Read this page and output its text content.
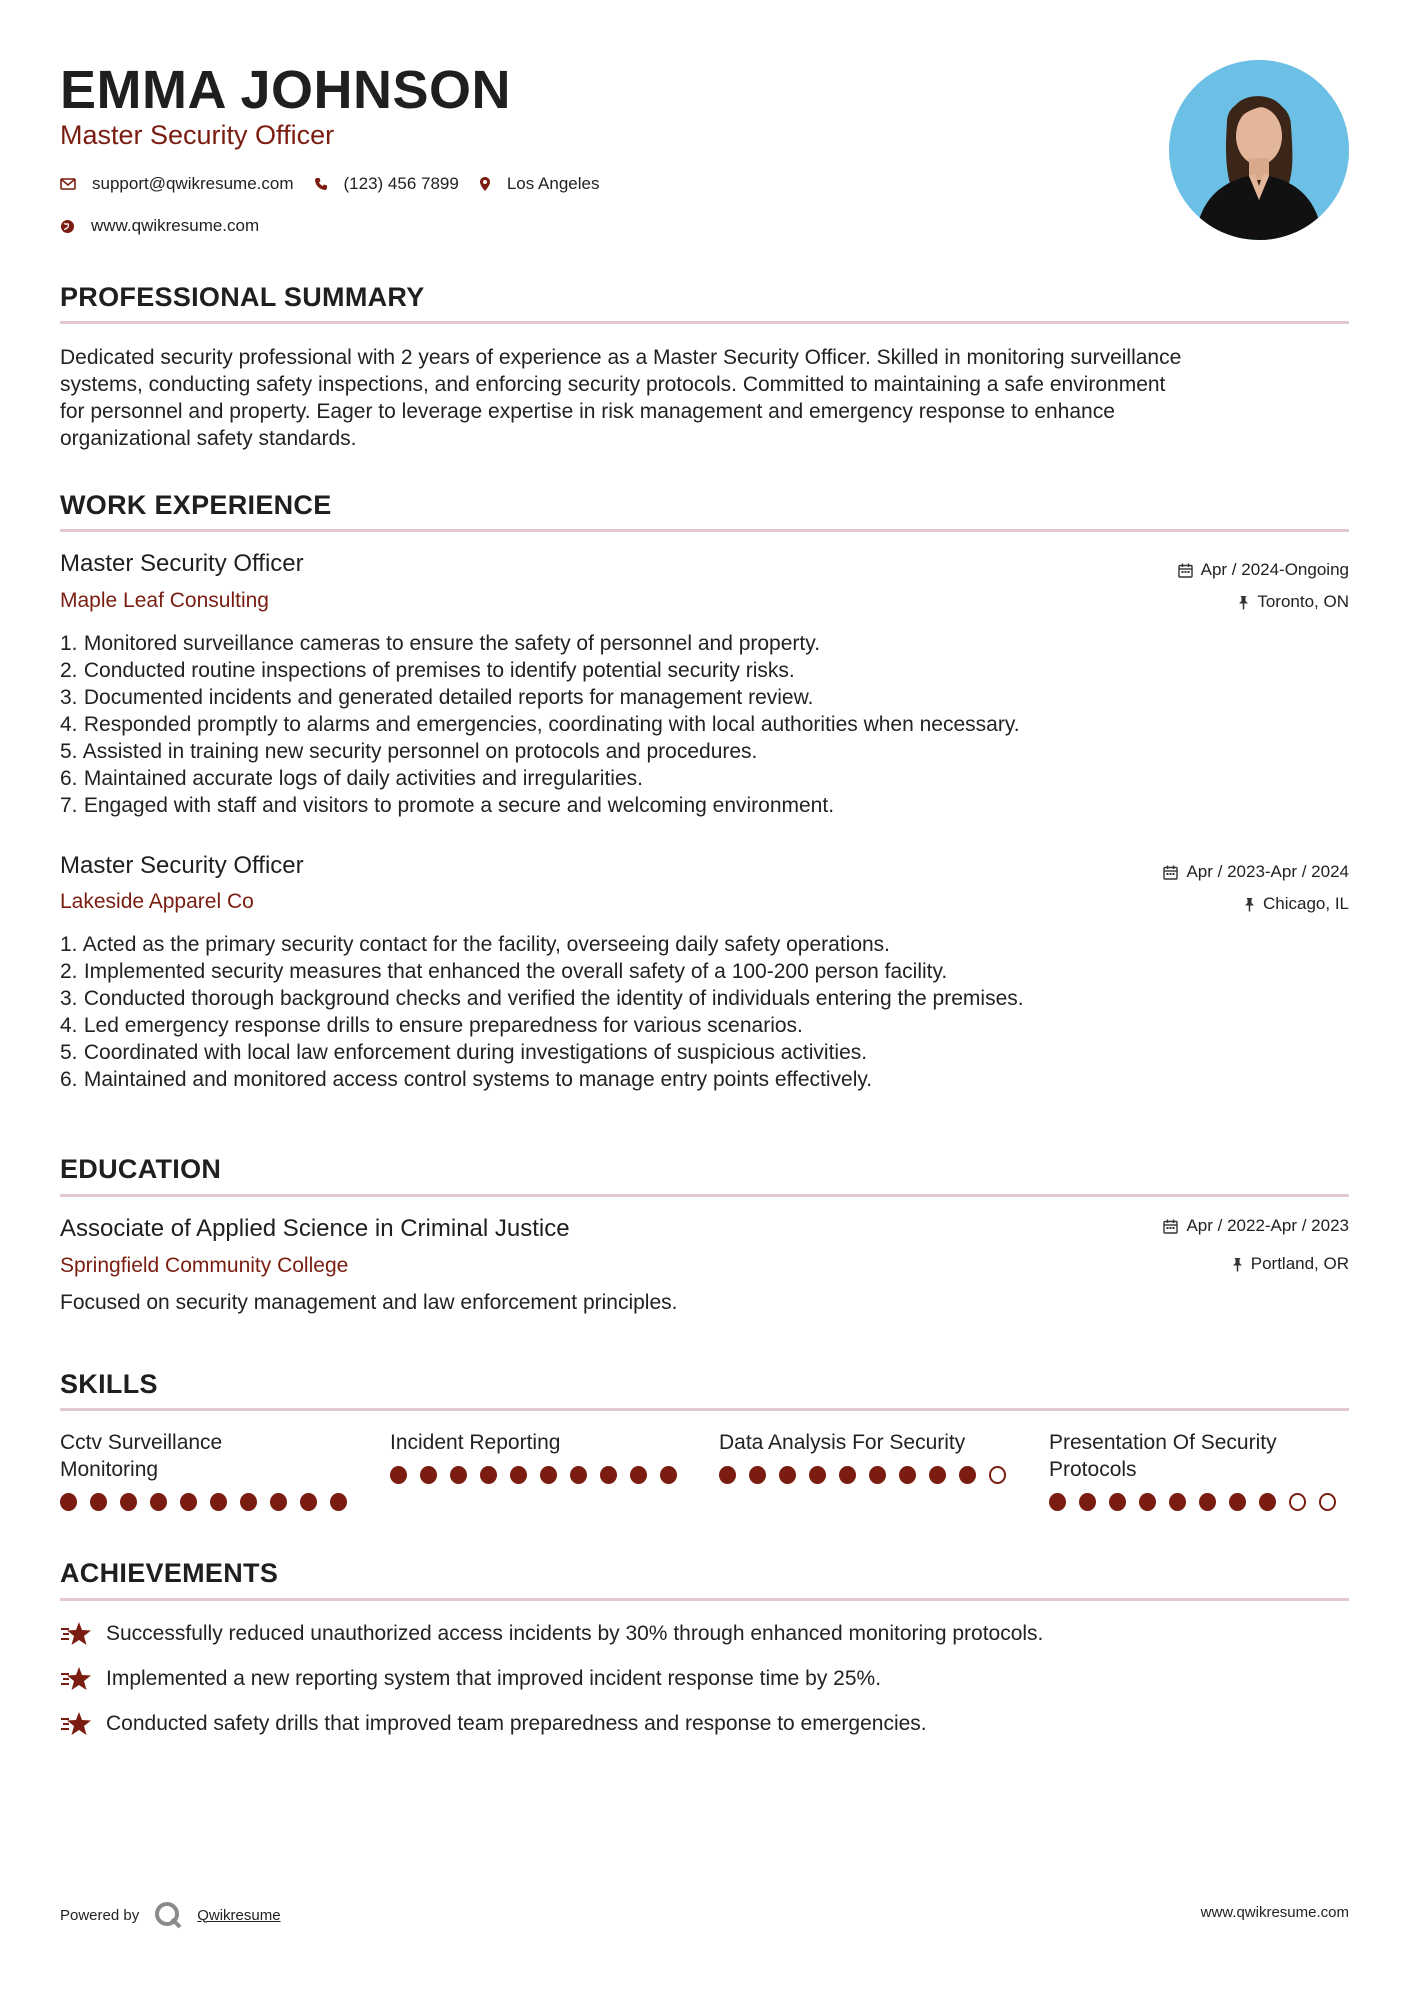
EMMA JOHNSON
Master Security Officer
support@qwikresume.com	(123) 456 7899	Los Angeles
www.qwikresume.com
PROFESSIONAL SUMMARY
Dedicated security professional with 2 years of experience as a Master Security Officer. Skilled in monitoring surveillance
systems, conducting safety inspections, and enforcing security protocols. Committed to maintaining a safe environment
for personnel and property. Eager to leverage expertise in risk management and emergency response to enhance
organizational safety standards.
WORK EXPERIENCE
Master Security Officer
Maple Leaf Consulting
Apr / 2024-Ongoing
Toronto, ON
1. Monitored surveillance cameras to ensure the safety of personnel and property.
2. Conducted routine inspections of premises to identify potential security risks.
3. Documented incidents and generated detailed reports for management review.
4. Responded promptly to alarms and emergencies, coordinating with local authorities when necessary.
5. Assisted in training new security personnel on protocols and procedures.
6. Maintained accurate logs of daily activities and irregularities.
7. Engaged with staff and visitors to promote a secure and welcoming environment.
Master Security Officer
Lakeside Apparel Co
Apr / 2023-Apr / 2024
Chicago, IL
1. Acted as the primary security contact for the facility, overseeing daily safety operations.
2. Implemented security measures that enhanced the overall safety of a 100-200 person facility.
3. Conducted thorough background checks and verified the identity of individuals entering the premises.
4. Led emergency response drills to ensure preparedness for various scenarios.
5. Coordinated with local law enforcement during investigations of suspicious activities.
6. Maintained and monitored access control systems to manage entry points effectively.
EDUCATION
Associate of Applied Science in Criminal Justice
Springfield Community College
Apr / 2022-Apr / 2023
Portland, OR
Focused on security management and law enforcement principles.
SKILLS
Cctv Surveillance
Monitoring
Incident Reporting	Data Analysis For Security	Presentation Of Security
Protocols
ACHIEVEMENTS
Successfully reduced unauthorized access incidents by 30% through enhanced monitoring protocols.
Implemented a new reporting system that improved incident response time by 25%.
Conducted safety drills that improved team preparedness and response to emergencies.
Powered by	Qwikresume	www.qwikresume.com
